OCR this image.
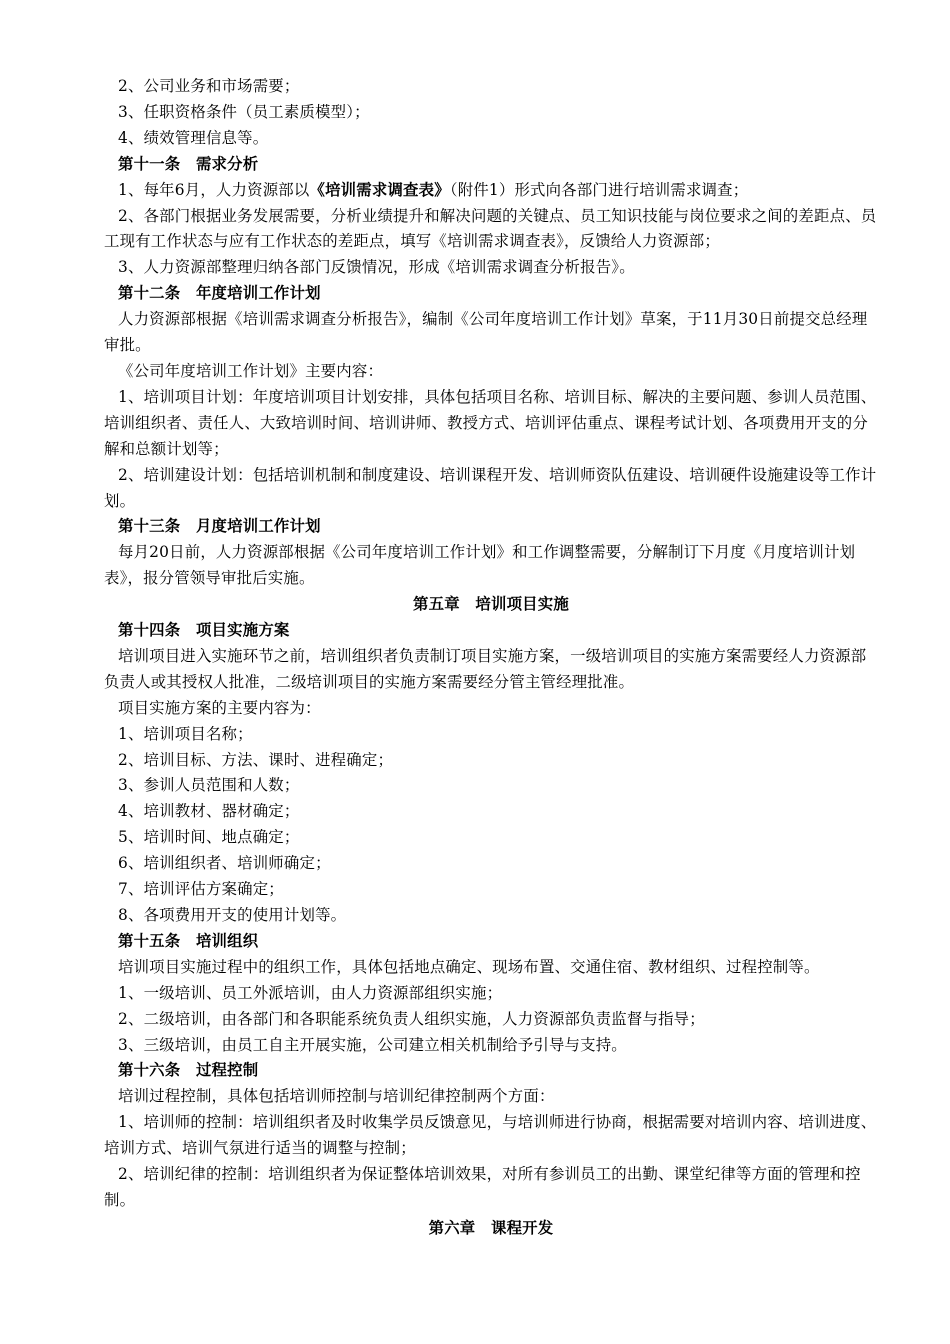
2、公司业务和市场需要；

3、任职资格条件（员工素质模型）；

4、绩效管理信息等。

第十一条　需求分析

1、每年6月，人力资源部以《培训需求调查表》（附件1）形式向各部门进行培训需求调查；

2、各部门根据业务发展需要，分析业绩提升和解决问题的关键点、员工知识技能与岗位要求之间的差距点、员工现有工作状态与应有工作状态的差距点，填写《培训需求调查表》，反馈给人力资源部；

3、人力资源部整理归纳各部门反馈情况，形成《培训需求调查分析报告》。

第十二条　年度培训工作计划

人力资源部根据《培训需求调查分析报告》，编制《公司年度培训工作计划》草案，于11月30日前提交总经理审批。

《公司年度培训工作计划》主要内容：

1、培训项目计划：年度培训项目计划安排，具体包括项目名称、培训目标、解决的主要问题、参训人员范围、培训组织者、责任人、大致培训时间、培训讲师、教授方式、培训评估重点、课程考试计划、各项费用开支的分解和总额计划等；

2、培训建设计划：包括培训机制和制度建设、培训课程开发、培训师资队伍建设、培训硬件设施建设等工作计划。

第十三条　月度培训工作计划

每月20日前，人力资源部根据《公司年度培训工作计划》和工作调整需要，分解制订下月度《月度培训计划表》，报分管领导审批后实施。

第五章　培训项目实施

第十四条　项目实施方案

培训项目进入实施环节之前，培训组织者负责制订项目实施方案，一级培训项目的实施方案需要经人力资源部负责人或其授权人批准，二级培训项目的实施方案需要经分管主管经理批准。

项目实施方案的主要内容为：

1、培训项目名称；

2、培训目标、方法、课时、进程确定；

3、参训人员范围和人数；

4、培训教材、器材确定；

5、培训时间、地点确定；

6、培训组织者、培训师确定；

7、培训评估方案确定；

8、各项费用开支的使用计划等。

第十五条　培训组织

培训项目实施过程中的组织工作，具体包括地点确定、现场布置、交通住宿、教材组织、过程控制等。

1、一级培训、员工外派培训，由人力资源部组织实施；

2、二级培训，由各部门和各职能系统负责人组织实施，人力资源部负责监督与指导；

3、三级培训，由员工自主开展实施，公司建立相关机制给予引导与支持。

第十六条　过程控制

培训过程控制，具体包括培训师控制与培训纪律控制两个方面：

1、培训师的控制：培训组织者及时收集学员反馈意见，与培训师进行协商，根据需要对培训内容、培训进度、培训方式、培训气氛进行适当的调整与控制；

2、培训纪律的控制：培训组织者为保证整体培训效果，对所有参训员工的出勤、课堂纪律等方面的管理和控制。

第六章　课程开发
